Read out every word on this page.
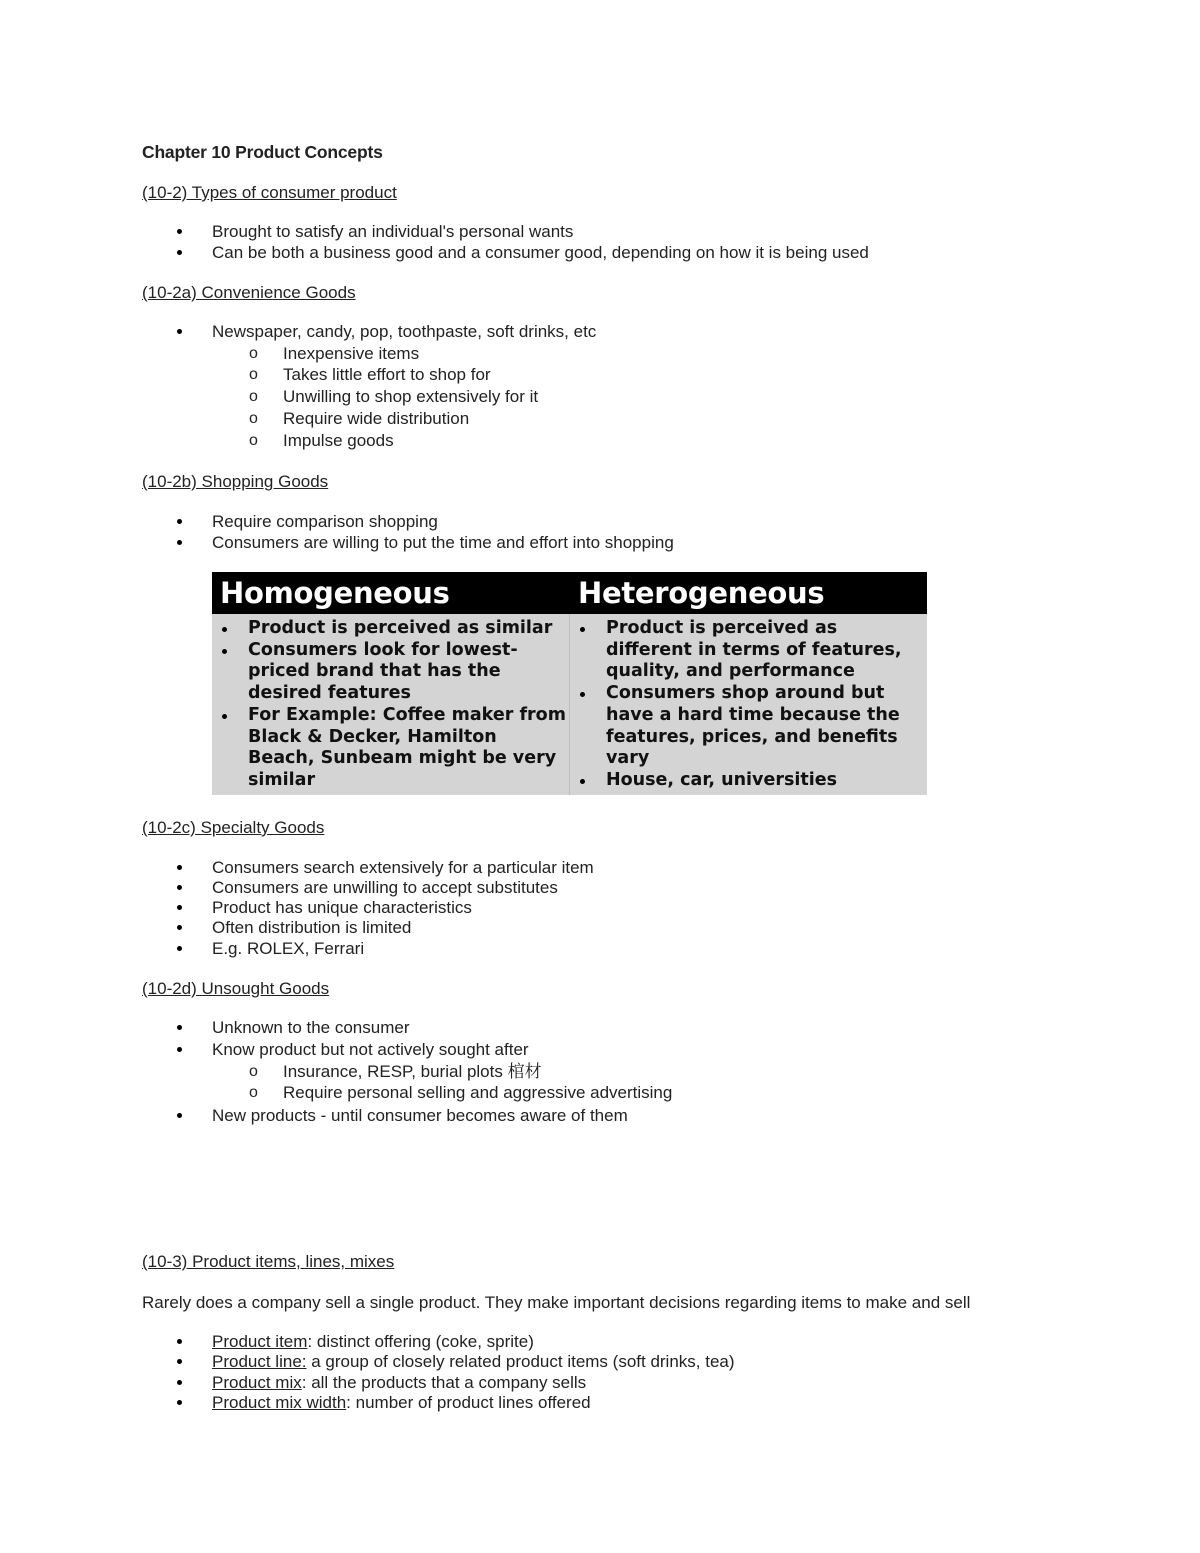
Chapter 10 Product Concepts
(10-2) Types of consumer product
Brought to satisfy an individual's personal wants
Can be both a business good and a consumer good, depending on how it is being used
(10-2a) Convenience Goods
Newspaper, candy, pop, toothpaste, soft drinks, etc
o Inexpensive items
o Takes little effort to shop for
o Unwilling to shop extensively for it
o Require wide distribution
o Impulse goods
(10-2b) Shopping Goods
Require comparison shopping
Consumers are willing to put the time and effort into shopping
Homogeneous	Heterogeneous
Product is perceived as similar
Consumers look for lowest-priced brand that has the desired features
For Example: Coffee maker from Black & Decker, Hamilton Beach, Sunbeam might be very similar
Product is perceived as different in terms of features, quality, and performance
Consumers shop around but have a hard time because the features, prices, and benefits vary
House, car, universities
(10-2c) Specialty Goods
Consumers search extensively for a particular item
Consumers are unwilling to accept substitutes
Product has unique characteristics
Often distribution is limited
E.g. ROLEX, Ferrari
(10-2d) Unsought Goods
Unknown to the consumer
Know product but not actively sought after
o Insurance, RESP, burial plots 棺材
o Require personal selling and aggressive advertising
New products - until consumer becomes aware of them
(10-3) Product items, lines, mixes
Rarely does a company sell a single product. They make important decisions regarding items to make and sell
Product item: distinct offering (coke, sprite)
Product line: a group of closely related product items (soft drinks, tea)
Product mix: all the products that a company sells
Product mix width: number of product lines offered
